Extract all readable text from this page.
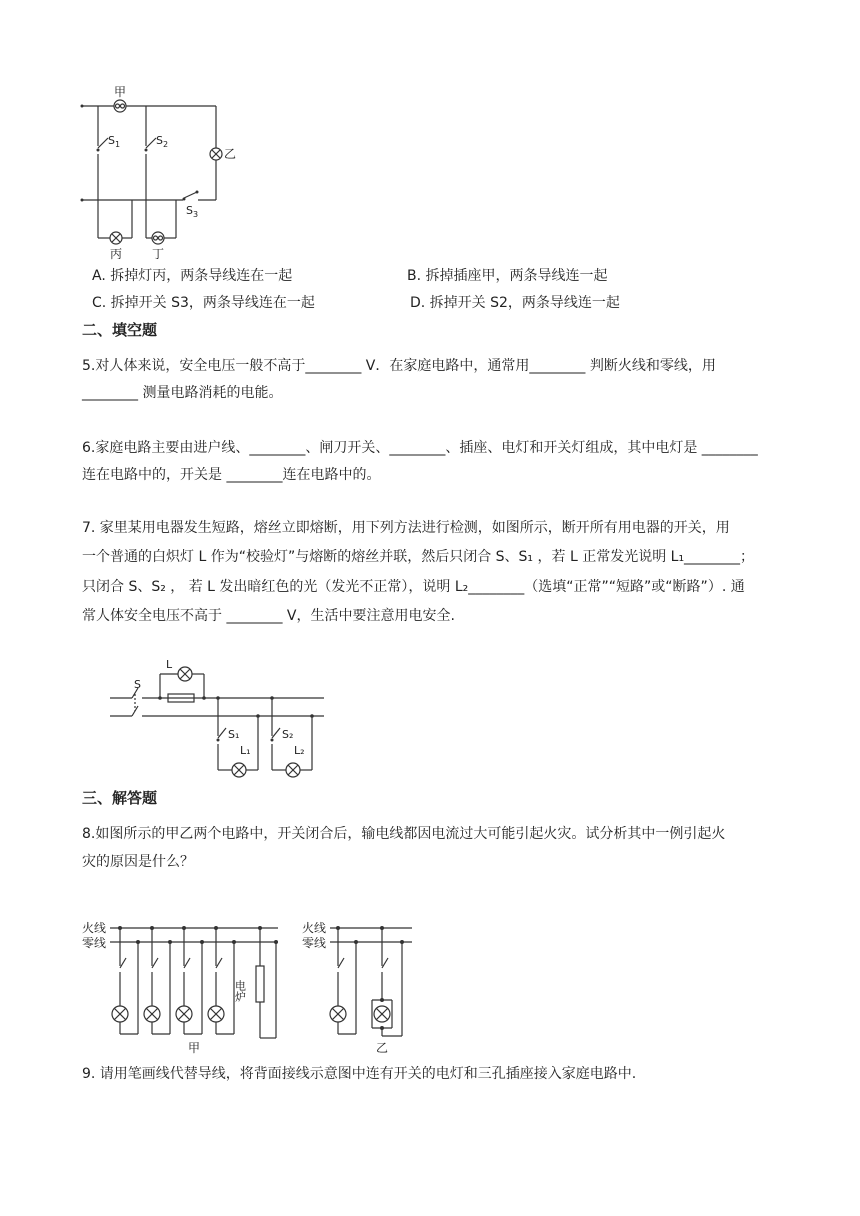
甲
乙
$S_1$	$S_2$
$S_3$
丙 丁
A. 拆掉灯丙，两条导线连在一起	B. 拆掉插座甲，两条导线连一起
C. 拆掉开关 S3，两条导线连在一起	D. 拆掉开关 S2，两条导线连一起
二、填空题
5.对人体来说，安全电压一般不高于________ V．在家庭电路中，通常用________ 判断火线和零线，用
________ 测量电路消耗的电能。
6.家庭电路主要由进户线、________、闸刀开关、________、插座、电灯和开关灯组成，其中电灯是 ________
连在电路中的，开关是 ________连在电路中的。
7. 家里某用电器发生短路，熔丝立即熔断，用下列方法进行检测，如图所示，断开所有用电器的开关，用
一个普通的白炽灯 L 作为“校验灯”与熔断的熔丝并联，然后只闭合 S、S₁ ，若 L 正常发光说明 L₁________；
只闭合 S、S₂ ， 若 L 发出暗红色的光（发光不正常），说明 L₂________（选填“正常”“短路”或“断路”）. 通
常人体安全电压不高于 ________ V，生活中要注意用电安全.
S
L
S₁
L₁
S₂
L₂
三、解答题
8.如图所示的甲乙两个电路中，开关闭合后，输电线都因电流过大可能引起火灾。试分析其中一例引起火
灾的原因是什么？
火线
零线
火线
零线
电炉
甲	乙
9. 请用笔画线代替导线，将背面接线示意图中连有开关的电灯和三孔插座接入家庭电路中.
